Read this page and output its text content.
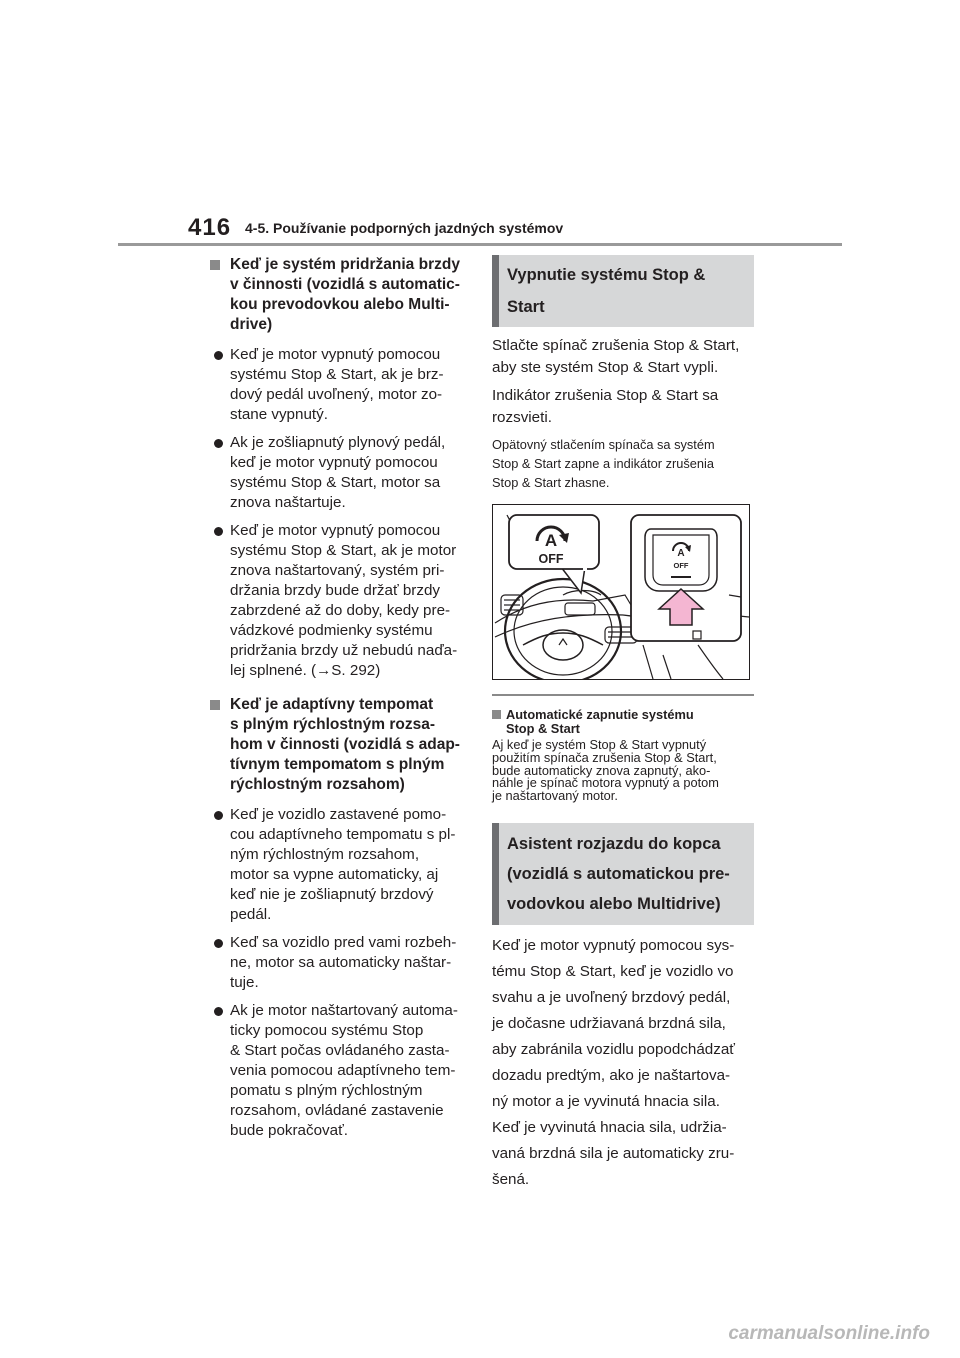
416 4-5. Používanie podporných jazdných systémov
Keď je systém pridržania brzdy
v činnosti (vozidlá s automatic-
kou prevodovkou alebo Multi-
drive)
Keď je motor vypnutý pomocou
systému Stop & Start, ak je brz-
dový pedál uvoľnený, motor zo-
stane vypnutý.
Ak je zošliapnutý plynový pedál,
keď je motor vypnutý pomocou
systému Stop & Start, motor sa
znova naštartuje.
Keď je motor vypnutý pomocou
systému Stop & Start, ak je motor
znova naštartovaný, systém pri-
držania brzdy bude držať brzdy
zabrzdené až do doby, kedy pre-
vádzkové podmienky systému
pridržania brzdy už nebudú naďa-
lej splnené. (→S. 292)
Keď je adaptívny tempomat
s plným rýchlostným rozsa-
hom v činnosti (vozidlá s adap-
tívnym tempomatom s plným
rýchlostným rozsahom)
Keď je vozidlo zastavené pomo-
cou adaptívneho tempomatu s pl-
ným rýchlostným rozsahom,
motor sa vypne automaticky, aj
keď nie je zošliapnutý brzdový
pedál.
Keď sa vozidlo pred vami rozbeh-
ne, motor sa automaticky naštar-
tuje.
Ak je motor naštartovaný automa-
ticky pomocou systému Stop
& Start počas ovládaného zasta-
venia pomocou adaptívneho tem-
pomatu s plným rýchlostným
rozsahom, ovládané zastavenie
bude pokračovať.
Vypnutie systému Stop & Start
Stlačte spínač zrušenia Stop & Start,
aby ste systém Stop & Start vypli.
Indikátor zrušenia Stop & Start sa
rozsvieti.
Opätovný stlačením spínača sa systém
Stop & Start zapne a indikátor zrušenia
Stop & Start zhasne.
A
OFF	A
OFF
Automatické zapnutie systému
Stop & Start
Aj keď je systém Stop & Start vypnutý
použitím spínača zrušenia Stop & Start,
bude automaticky znova zapnutý, ako-
náhle je spínač motora vypnutý a potom
je naštartovaný motor.
Asistent rozjazdu do kopca
(vozidlá s automatickou pre-
vodovkou alebo Multidrive)
Keď je motor vypnutý pomocou sys-
tému Stop & Start, keď je vozidlo vo
svahu a je uvoľnený brzdový pedál,
je dočasne udržiavaná brzdná sila,
aby zabránila vozidlu popodchádzať
dozadu predtým, ako je naštartova-
ný motor a je vyvinutá hnacia sila.
Keď je vyvinutá hnacia sila, udržia-
vaná brzdná sila je automaticky zru-
šená.
carmanualsonline.info
